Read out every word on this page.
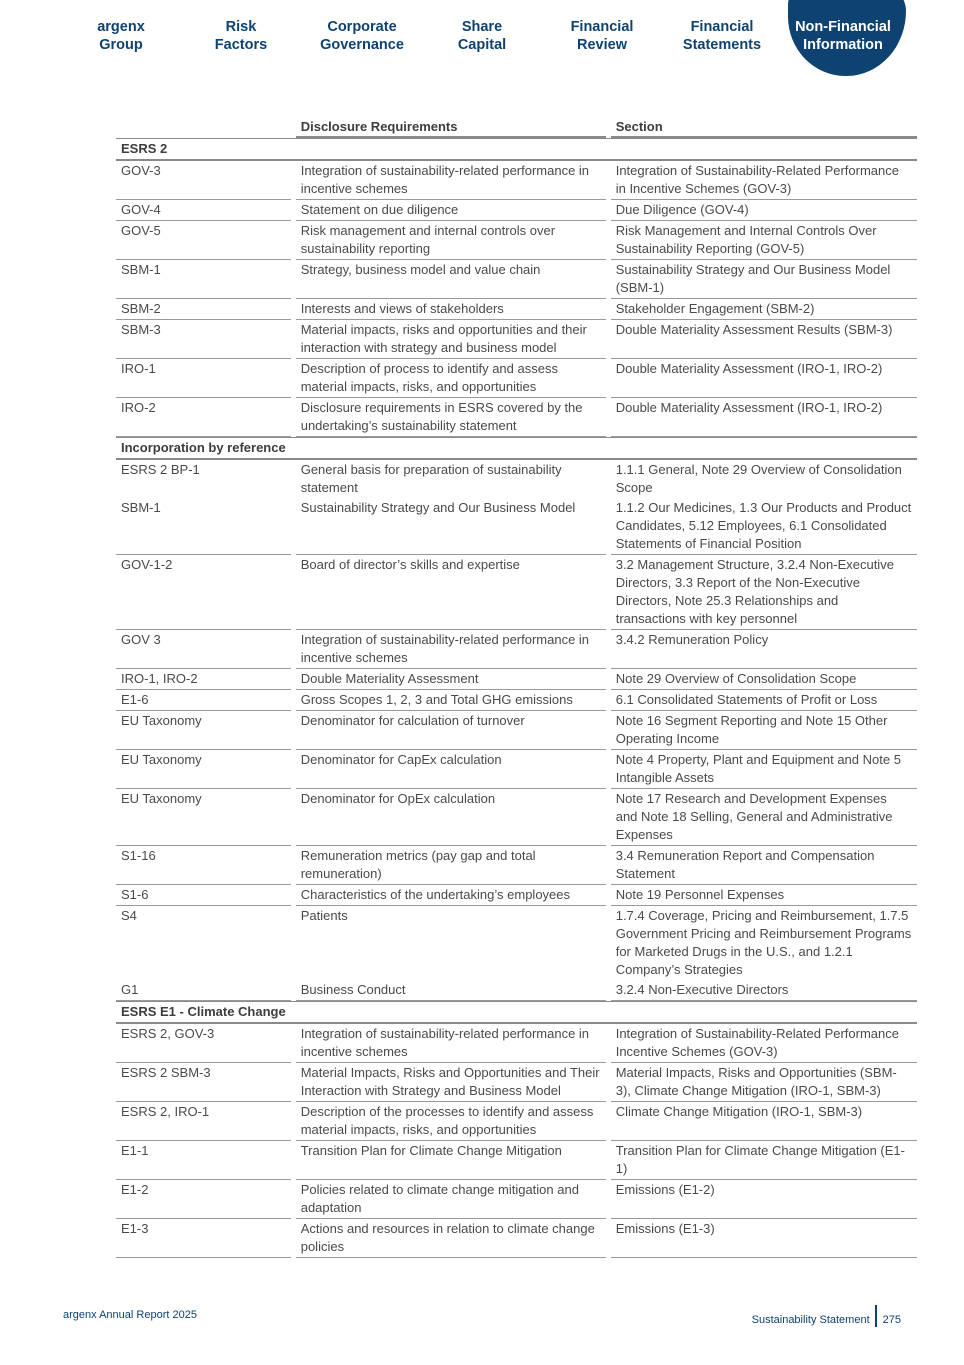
argenx
Group
Risk
Factors
Corporate
Governance
Share
Capital
Financial
Review
Financial
Statements
Non-Financial
Information
		Disclosure Requirements		Section
ESRS 2				
GOV-3		Integration of sustainability-related performance in incentive schemes		Integration of Sustainability-Related Performance in Incentive Schemes (GOV-3)
GOV-4		Statement on due diligence		Due Diligence (GOV-4)
GOV-5		Risk management and internal controls over sustainability reporting		Risk Management and Internal Controls Over Sustainability Reporting (GOV-5)
SBM-1		Strategy, business model and value chain		Sustainability Strategy and Our Business Model (SBM-1)
SBM-2		Interests and views of stakeholders		Stakeholder Engagement (SBM-2)
SBM-3		Material impacts, risks and opportunities and their interaction with strategy and business model		Double Materiality Assessment Results (SBM-3)
IRO-1		Description of process to identify and assess material impacts, risks, and opportunities		Double Materiality Assessment (IRO-1, IRO-2)
IRO-2		Disclosure requirements in ESRS covered by the undertaking’s sustainability statement		Double Materiality Assessment (IRO-1, IRO-2)
Incorporation by reference				
ESRS 2 BP-1		General basis for preparation of sustainability statement		1.1.1 General, Note 29 Overview of Consolidation Scope
SBM-1		Sustainability Strategy and Our Business Model		1.1.2 Our Medicines, 1.3 Our Products and Product Candidates, 5.12 Employees, 6.1 Consolidated Statements of Financial Position
GOV-1-2		Board of director’s skills and expertise		3.2 Management Structure, 3.2.4 Non-Executive Directors, 3.3 Report of the Non-Executive Directors, Note 25.3 Relationships and transactions with key personnel
GOV 3		Integration of sustainability-related performance in incentive schemes		3.4.2 Remuneration Policy
IRO-1, IRO-2		Double Materiality Assessment		Note 29 Overview of Consolidation Scope
E1-6		Gross Scopes 1, 2, 3 and Total GHG emissions		6.1 Consolidated Statements of Profit or Loss
EU Taxonomy		Denominator for calculation of turnover		Note 16 Segment Reporting and Note 15 Other Operating Income
EU Taxonomy		Denominator for CapEx calculation		Note 4 Property, Plant and Equipment and Note 5 Intangible Assets
EU Taxonomy		Denominator for OpEx calculation		Note 17 Research and Development Expenses and Note 18 Selling, General and Administrative Expenses
S1-16		Remuneration metrics (pay gap and total remuneration)		3.4 Remuneration Report and Compensation Statement
S1-6		Characteristics of the undertaking’s employees		Note 19 Personnel Expenses
S4		Patients		1.7.4 Coverage, Pricing and Reimbursement, 1.7.5 Government Pricing and Reimbursement Programs for Marketed Drugs in the U.S., and 1.2.1 Company’s Strategies
G1		Business Conduct		3.2.4 Non-Executive Directors
ESRS E1 - Climate Change				
ESRS 2, GOV-3		Integration of sustainability-related performance in incentive schemes		Integration of Sustainability-Related Performance Incentive Schemes (GOV-3)
ESRS 2 SBM-3		Material Impacts, Risks and Opportunities and Their Interaction with Strategy and Business Model		Material Impacts, Risks and Opportunities (SBM-3), Climate Change Mitigation (IRO-1, SBM-3)
ESRS 2, IRO-1		Description of the processes to identify and assess material impacts, risks, and opportunities		Climate Change Mitigation (IRO-1, SBM-3)
E1-1		Transition Plan for Climate Change Mitigation		Transition Plan for Climate Change Mitigation (E1-1)
E1-2		Policies related to climate change mitigation and adaptation		Emissions (E1-2)
E1-3		Actions and resources in relation to climate change policies		Emissions (E1-3)
argenx Annual Report 2025	Sustainability Statement 275
